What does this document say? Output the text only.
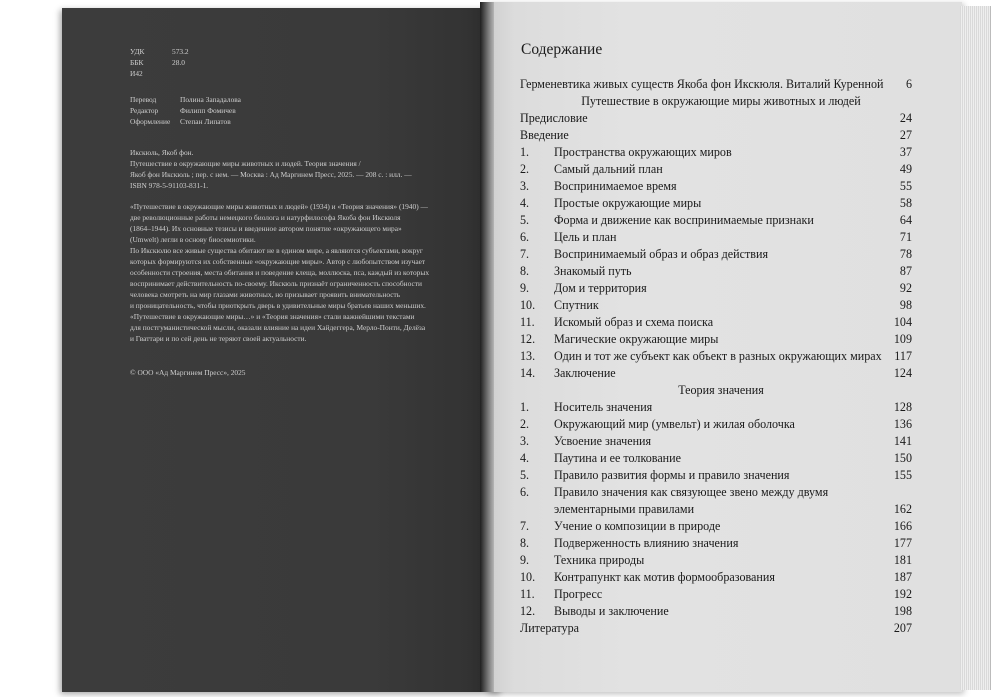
УДК	573.2
ББК	28.0
И42
Перевод	Полина Западалова
Редактор	Филипп Фомичев
Оформление	Степан Липатов

Икскюль, Якоб фон.

Путешествие в окружающие миры животных и людей. Теория значения /

Якоб фон Икскюль ; пер. с нем. — Москва : Ад Маргинем Пресс, 2025. — 208 с. : илл. —

ISBN 978-5-91103-831-1.

«Путешествие в окружающие миры животных и людей» (1934) и «Теория значения» (1940) —

две революционные работы немецкого биолога и натурфилософа Якоба фон Икскюля

(1864–1944). Их основные тезисы и введенное автором понятие «окружающего мира»

(Umwelt) легли в основу биосемиотики.

По Икскюлю все живые существа обитают не в едином мире, а являются субъектами, вокруг

которых формируются их собственные «окружающие миры». Автор с любопытством изучает

особенности строения, места обитания и поведение клеща, моллюска, пса, каждый из которых

воспринимает действительность по-своему. Икскюль признаёт ограниченность способности

человека смотреть на мир глазами животных, но призывает проявить внимательность

и проницательность, чтобы приоткрыть дверь в удивительные миры братьев наших меньших.

«Путешествие в окружающие миры…» и «Теория значения» стали важнейшими текстами

для постгуманистической мысли, оказали влияние на идеи Хайдеггера, Мерло-Понти, Делёза

и Гваттари и по сей день не теряют своей актуальности.

© ООО «Ад Маргинем Пресс», 2025
Содержание
Герменевтика живых существ Якоба фон Икскюля. Виталий Куренной 6
Путешествие в окружающие миры животных и людей
Предисловие	24
Введение	27
1. Пространства окружающих миров	37
2. Самый дальний план	49
3. Воспринимаемое время	55
4. Простые окружающие миры	58
5. Форма и движение как воспринимаемые признаки	64
6. Цель и план	71
7. Воспринимаемый образ и образ действия	78
8. Знакомый путь	87
9. Дом и территория	92
10. Спутник	98
11. Искомый образ и схема поиска	104
12. Магические окружающие миры	109
13. Один и тот же субъект как объект в разных окружающих мирах 117
14. Заключение	124
Теория значения
1. Носитель значения	128
2. Окружающий мир (умвельт) и жилая оболочка	136
3. Усвоение значения	141
4. Паутина и ее толкование	150
5. Правило развития формы и правило значения	155
6. Правило значения как связующее звено между двумя
элементарными правилами	162
7. Учение о композиции в природе	166
8. Подверженность влиянию значения	177
9. Техника природы	181
10. Контрапункт как мотив формообразования	187
11. Прогресс	192
12. Выводы и заключение	198
Литература	207
